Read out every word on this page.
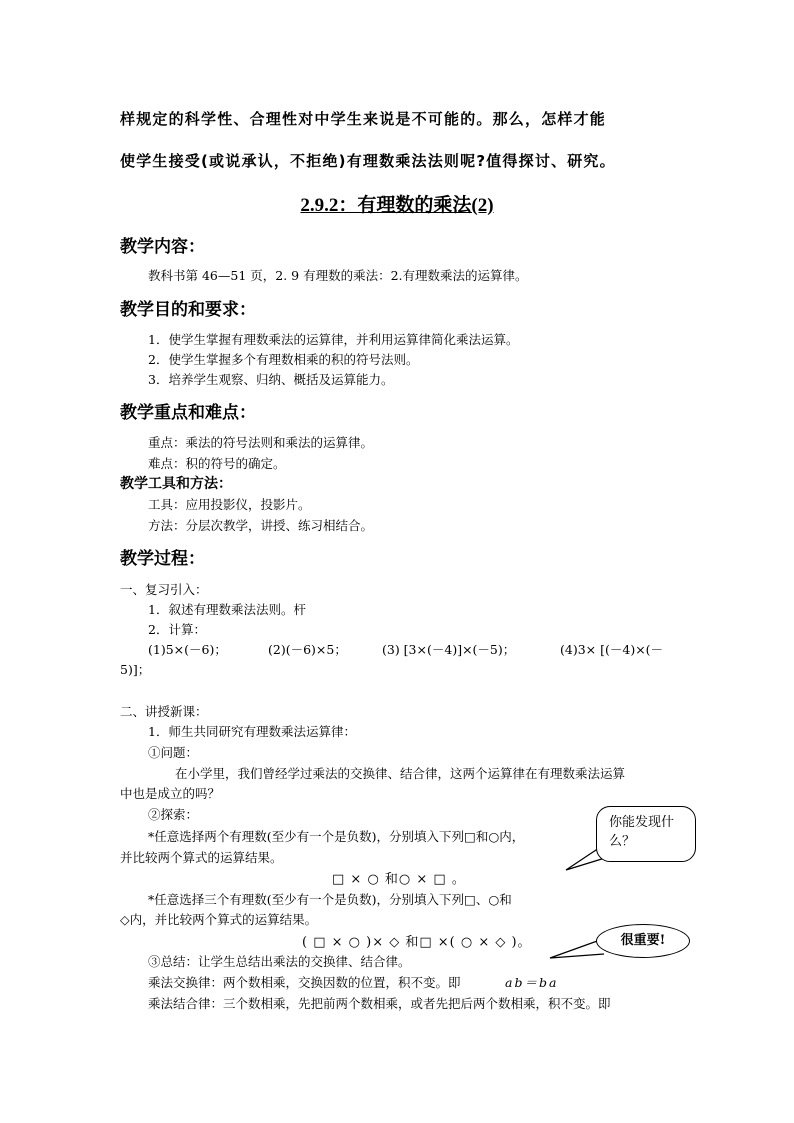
样规定的科学性、合理性对中学生来说是不可能的。那么，怎样才能
使学生接受(或说承认，不拒绝)有理数乘法法则呢?值得探讨、研究。
2.9.2：有理数的乘法(2)
教学内容：
教科书第 46—51 页，2. 9 有理数的乘法：2.有理数乘法的运算律。
教学目的和要求：
1．使学生掌握有理数乘法的运算律，并利用运算律简化乘法运算。
2．使学生掌握多个有理数相乘的积的符号法则。
3．培养学生观察、归纳、概括及运算能力。
教学重点和难点：
重点：乘法的符号法则和乘法的运算律。
难点：积的符号的确定。
教学工具和方法：
工具：应用投影仪，投影片。
方法：分层次教学，讲授、练习相结合。
教学过程：
一、复习引入：
1．叙述有理数乘法法则。杆
2．计算：
(1)5×(－6)；	(2)(－6)×5；	(3) [3×(－4)]×(－5)；	(4)3× [(－4)×(－
5)]；
二、讲授新课：
1．师生共同研究有理数乘法运算律：
①问题：
在小学里，我们曾经学过乘法的交换律、结合律，这两个运算律在有理数乘法运算
中也是成立的吗？
②探索：
*任意选择两个有理数(至少有一个是负数)，分别填入下列□和○内，
并比较两个算式的运算结果。
□ × ○ 和○ × □ 。
*任意选择三个有理数(至少有一个是负数)，分别填入下列□、○和
◇内，并比较两个算式的运算结果。
( □ × ○ )× ◇ 和□ ×( ○ × ◇ )。
③总结：让学生总结出乘法的交换律、结合律。
乘法交换律：两个数相乘，交换因数的位置，积不变。即	ab＝ba
乘法结合律：三个数相乘，先把前两个数相乘，或者先把后两个数相乘，积不变。即
你能发现什么？
很重要!
